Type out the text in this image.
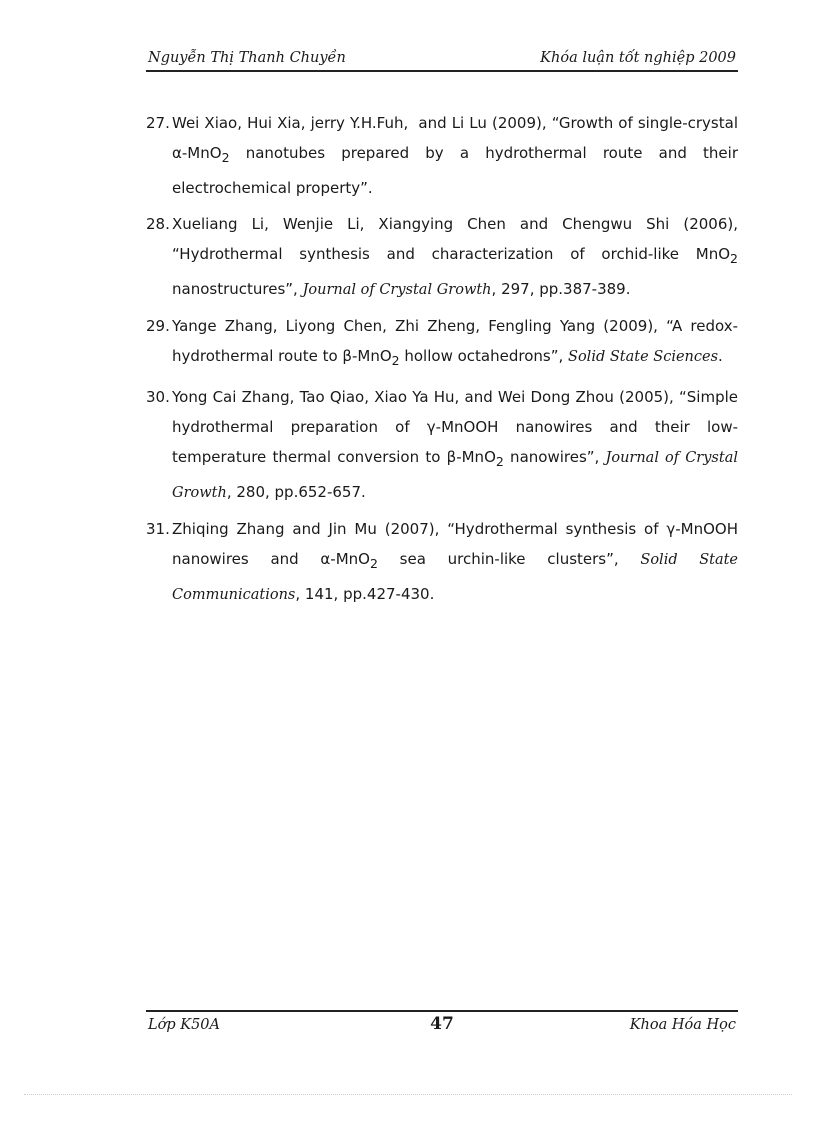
Nguyễn Thị Thanh Chuyền	Khóa luận tốt nghiệp 2009
27. Wei Xiao, Hui Xia, jerry Y.H.Fuh,  and Li Lu (2009), “Growth of single-crystal α-MnO$_2$ nanotubes prepared by a hydrothermal route and their electrochemical property”.
28. Xueliang Li, Wenjie Li, Xiangying Chen and Chengwu Shi (2006), “Hydrothermal synthesis and characterization of orchid-like MnO$_2$ nanostructures”, Journal of Crystal Growth, 297, pp.387-389.
29. Yange Zhang, Liyong Chen, Zhi Zheng, Fengling Yang (2009), “A redox-hydrothermal route to β-MnO$_2$ hollow octahedrons”, Solid State Sciences.
30. Yong Cai Zhang, Tao Qiao, Xiao Ya Hu, and Wei Dong Zhou (2005), “Simple hydrothermal preparation of γ-MnOOH nanowires and their low-temperature thermal conversion to β-MnO$_2$ nanowires”, Journal of Crystal Growth, 280, pp.652-657.
31. Zhiqing Zhang and Jin Mu (2007), “Hydrothermal synthesis of γ-MnOOH nanowires and α-MnO$_2$ sea urchin-like clusters”, Solid State Communications, 141, pp.427-430.
Lớp K50A	47	Khoa Hóa Học
